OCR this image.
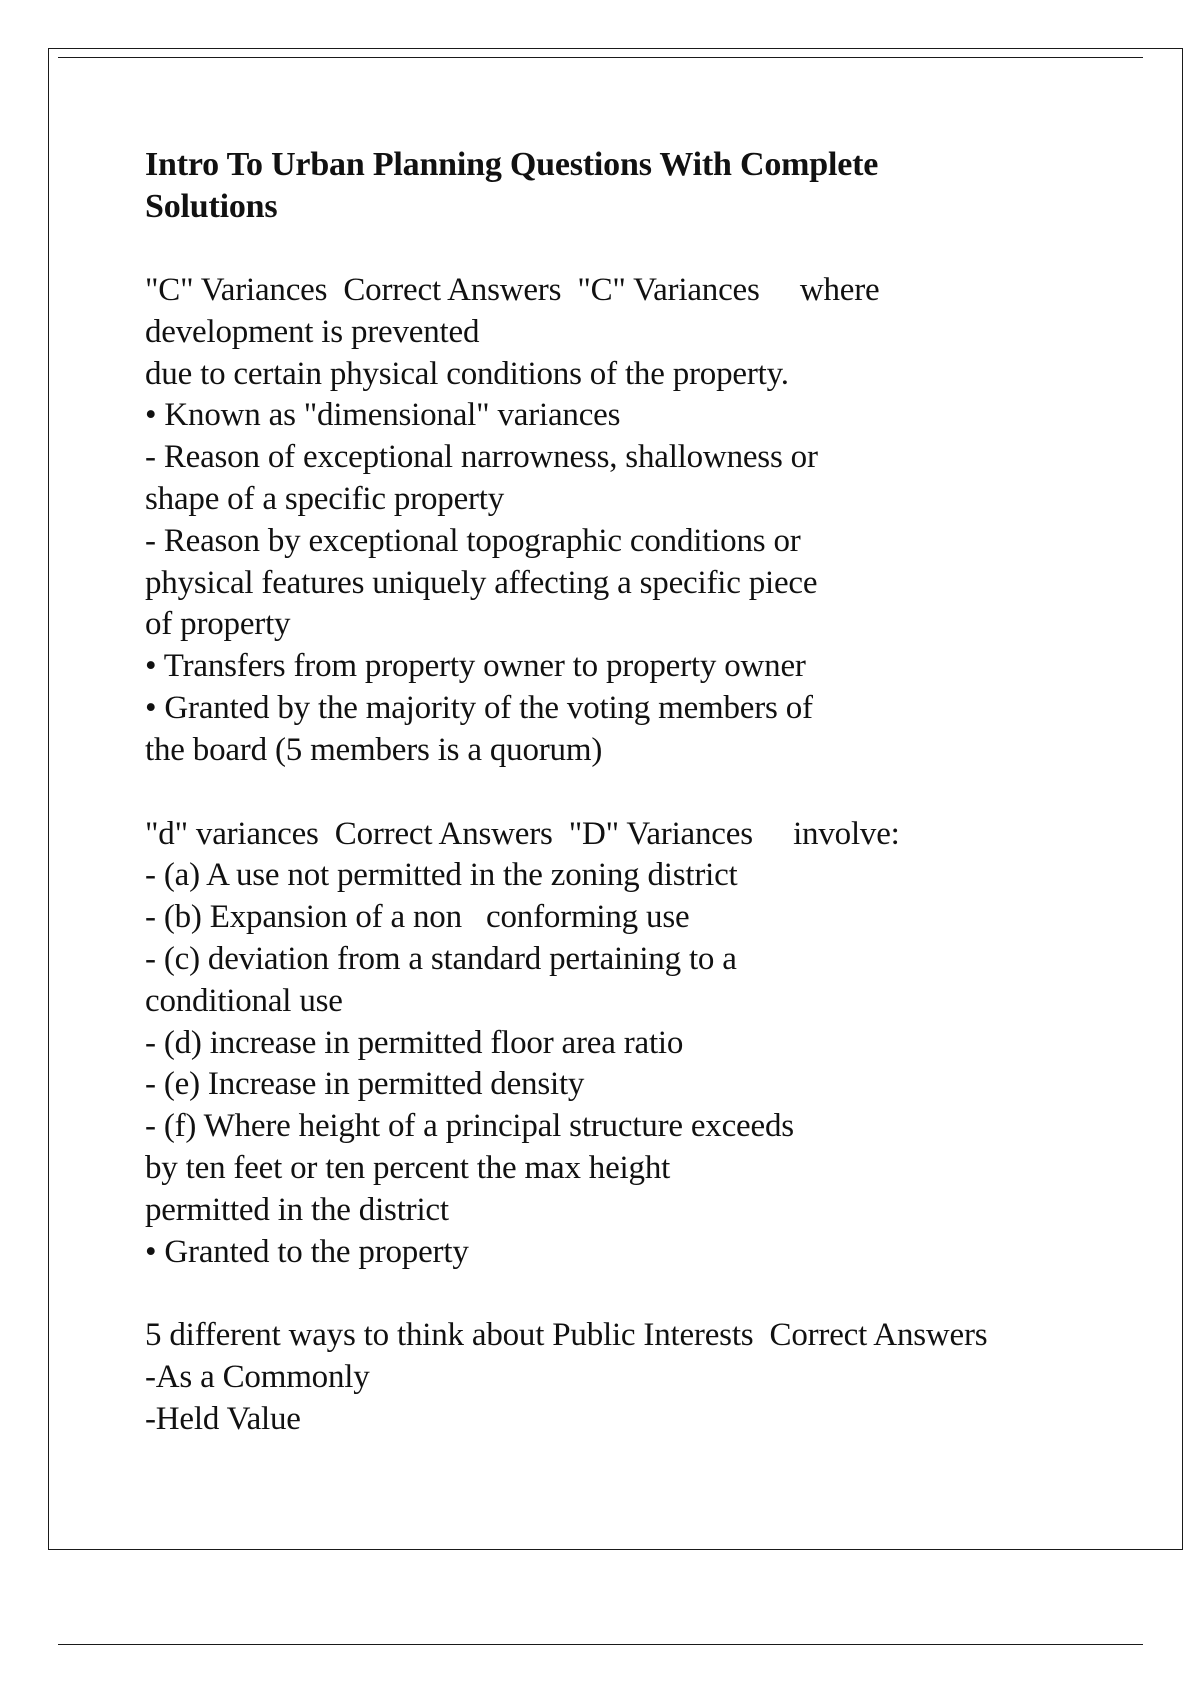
Intro To Urban Planning Questions With Complete
Solutions
"C" Variances  Correct Answers  "C" Variances     where
development is prevented
due to certain physical conditions of the property.
• Known as "dimensional" variances
- Reason of exceptional narrowness, shallowness or
shape of a specific property
- Reason by exceptional topographic conditions or
physical features uniquely affecting a specific piece
of property
• Transfers from property owner to property owner
• Granted by the majority of the voting members of
the board (5 members is a quorum)
"d" variances  Correct Answers  "D" Variances     involve:
- (a) A use not permitted in the zoning district
- (b) Expansion of a non   conforming use
- (c) deviation from a standard pertaining to a
conditional use
- (d) increase in permitted floor area ratio
- (e) Increase in permitted density
- (f) Where height of a principal structure exceeds
by ten feet or ten percent the max height
permitted in the district
• Granted to the property
5 different ways to think about Public Interests  Correct Answers
-As a Commonly
-Held Value
